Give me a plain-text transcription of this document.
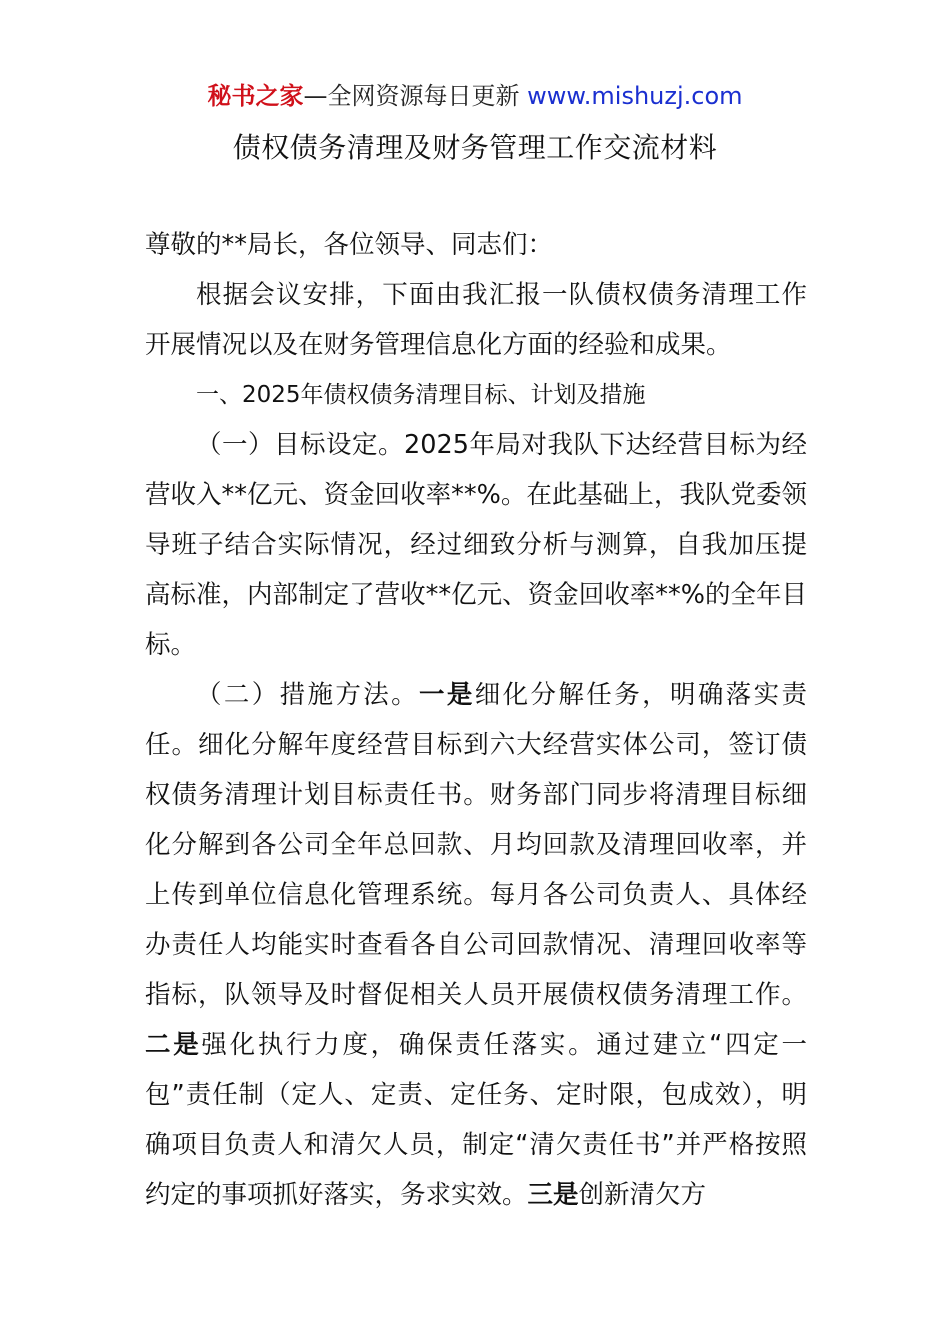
秘书之家—全网资源每日更新 www.mishuzj.com
债权债务清理及财务管理工作交流材料

尊敬的**局长，各位领导、同志们：

根据会议安排，下面由我汇报一队债权债务清理工作开展情况以及在财务管理信息化方面的经验和成果。

一、2025年债权债务清理目标、计划及措施

（一）目标设定。2025年局对我队下达经营目标为经营收入**亿元、资金回收率**%。在此基础上，我队党委领导班子结合实际情况，经过细致分析与测算，自我加压提高标准，内部制定了营收**亿元、资金回收率**%的全年目标。

（二）措施方法。一是细化分解任务，明确落实责任。细化分解年度经营目标到六大经营实体公司，签订债权债务清理计划目标责任书。财务部门同步将清理目标细化分解到各公司全年总回款、月均回款及清理回收率，并上传到单位信息化管理系统。每月各公司负责人、具体经办责任人均能实时查看各自公司回款情况、清理回收率等指标，队领导及时督促相关人员开展债权债务清理工作。二是强化执行力度，确保责任落实。通过建立“四定一包”责任制（定人、定责、定任务、定时限，包成效），明确项目负责人和清欠人员，制定“清欠责任书”并严格按照约定的事项抓好落实，务求实效。三是创新清欠方
